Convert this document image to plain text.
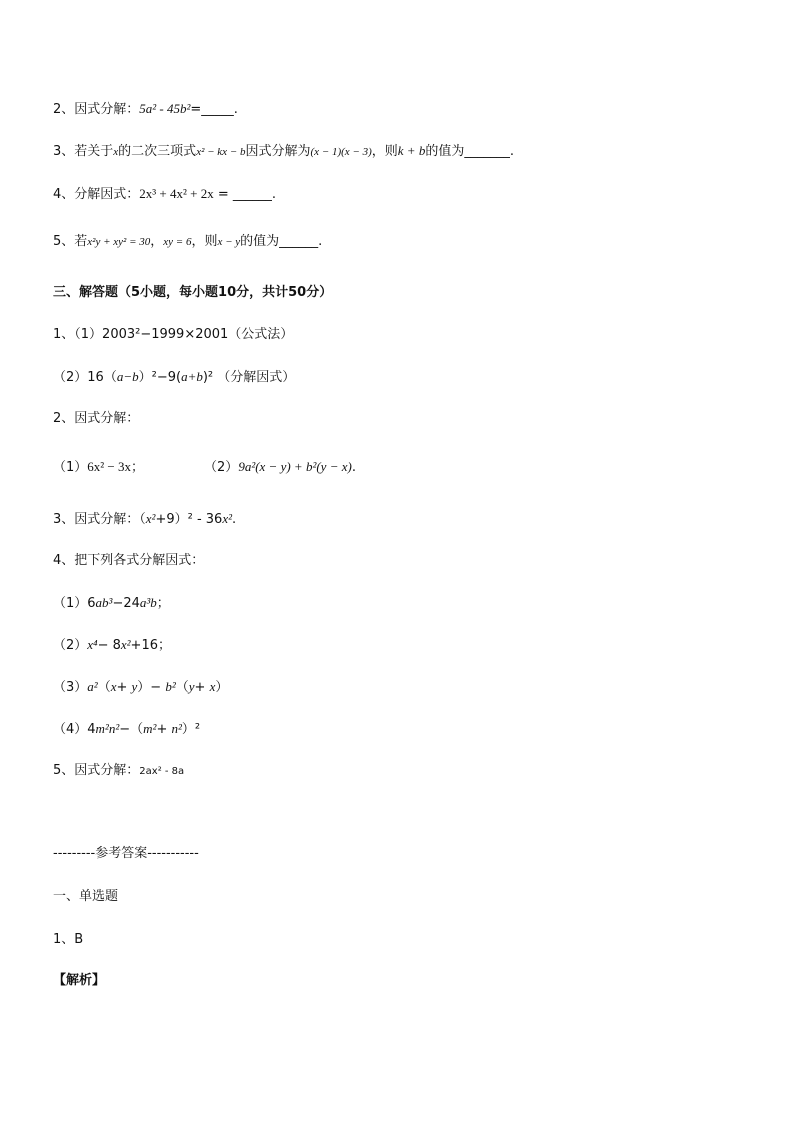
2、因式分解：5a² - 45b²=_____.
3、若关于x的二次三项式x² − kx − b因式分解为(x − 1)(x − 3)，则k + b的值为_______.
4、分解因式：2x³ + 4x² + 2x = ______.
5、若x²y + xy² = 30，xy = 6，则x − y的值为______.
三、解答题（5小题，每小题10分，共计50分）
1、（1）2003²−1999×2001（公式法）
（2）16（a−b）²−9(a+b)² （分解因式）
2、因式分解：
（1）6x² − 3x；	（2）9a²(x − y) + b²(y − x).
3、因式分解：（x²+9）² - 36x².
4、把下列各式分解因式：
（1）6ab³−24a³b；
（2）x⁴− 8x²+16；
（3）a²（x+ y）− b²（y+ x）
（4）4m²n²−（m²+ n²）²
5、因式分解：2ax² - 8a
---------参考答案-----------
一、单选题
1、B
【解析】
